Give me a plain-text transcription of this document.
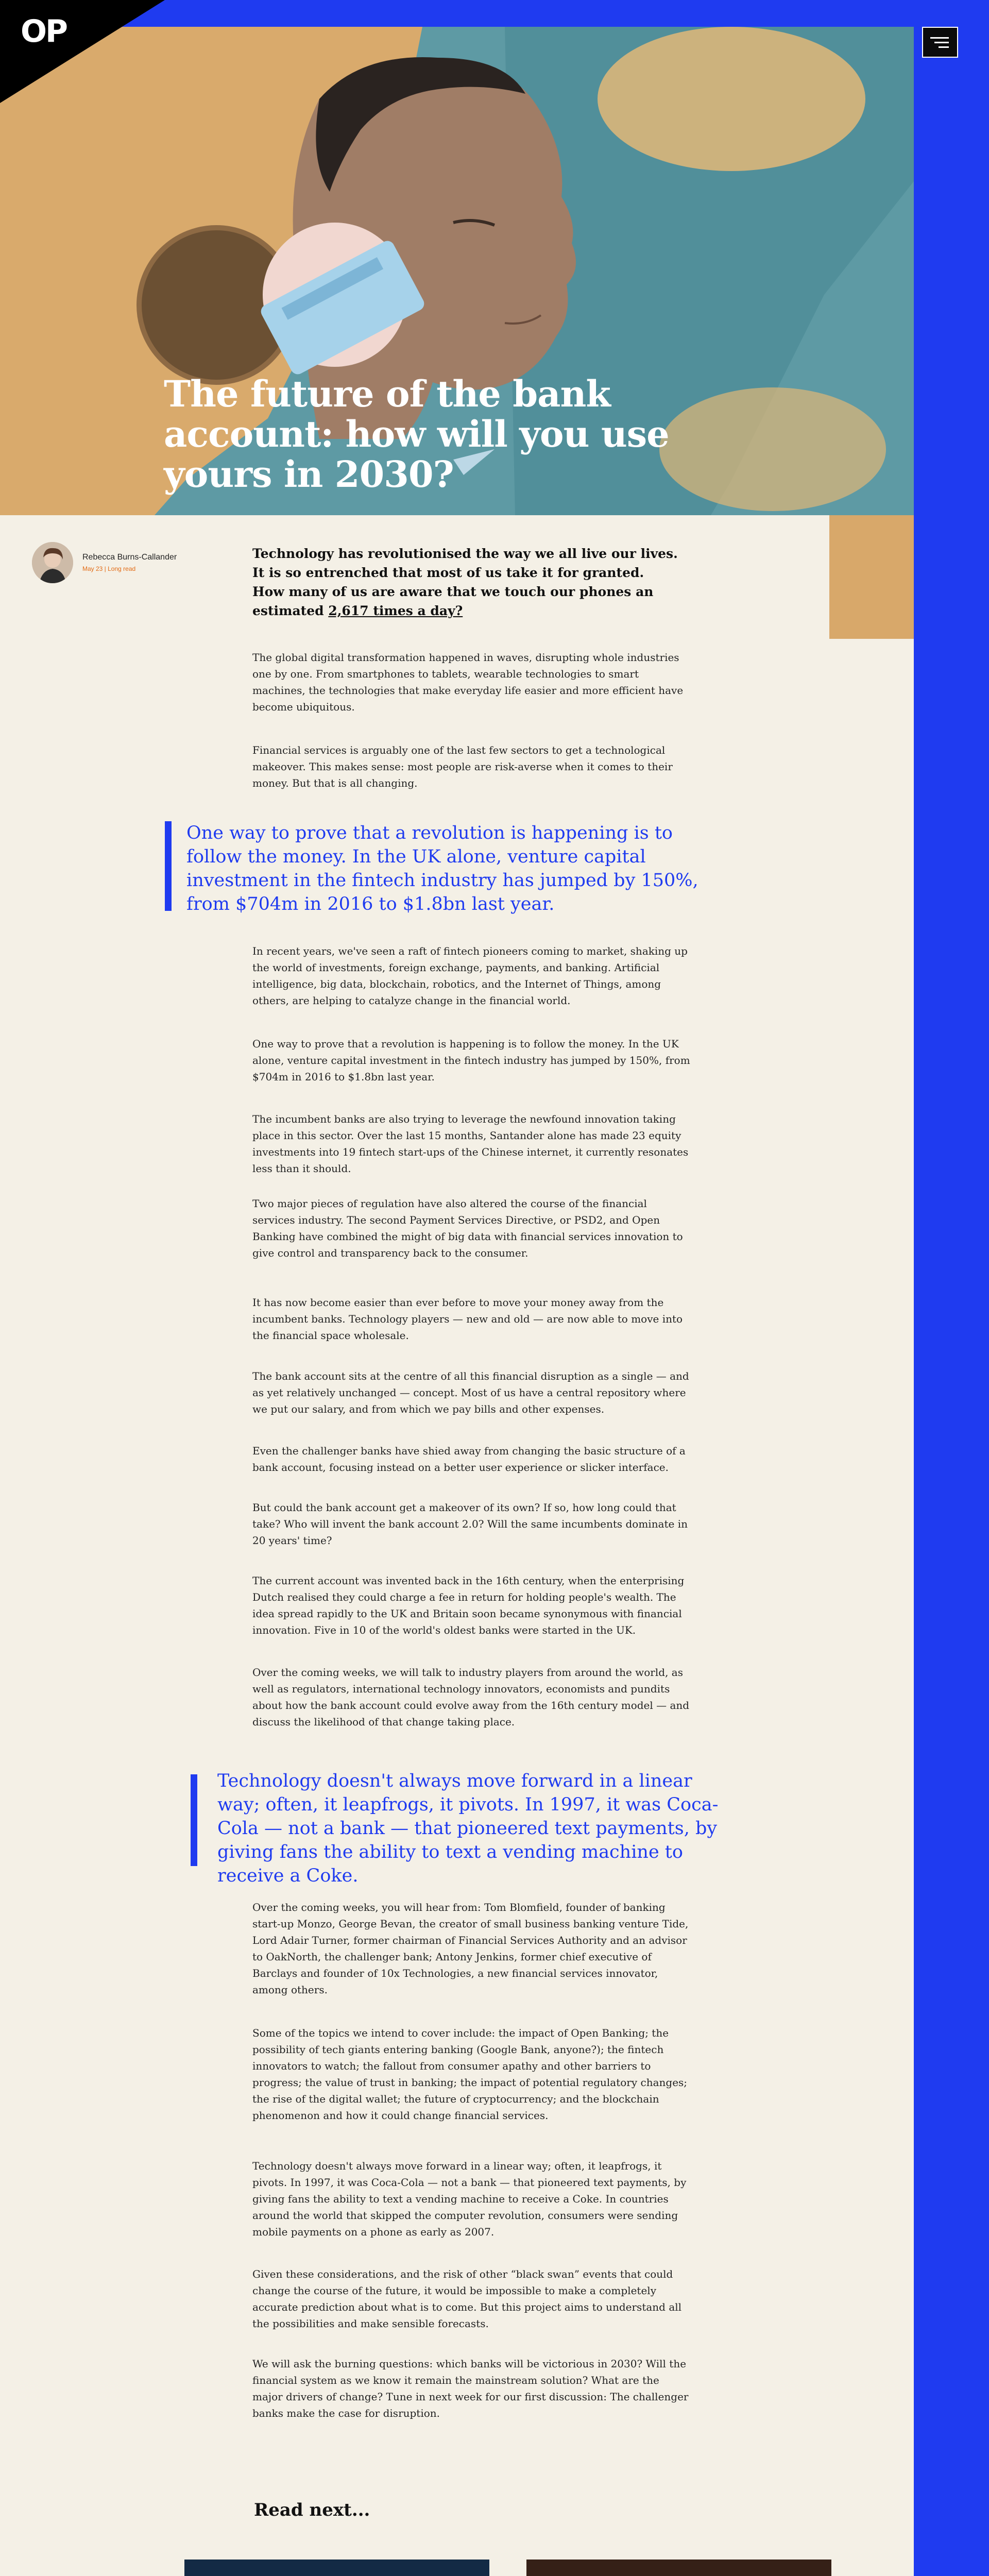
The future of the bank account: how will you use yours in 2030?
OP
Rebecca Burns-Callander
May 23 | Long read
Technology has revolutionised the way we all live our lives. It is so entrenched that most of us take it for granted. How many of us are aware that we touch our phones an estimated 2,617 times a day?
The global digital transformation happened in waves, disrupting whole industries one by one. From smartphones to tablets, wearable technologies to smart machines, the technologies that make everyday life easier and more efficient have become ubiquitous.
Financial services is arguably one of the last few sectors to get a technological makeover. This makes sense: most people are risk-averse when it comes to their money. But that is all changing.
One way to prove that a revolution is happening is to follow the money. In the UK alone, venture capital investment in the fintech industry has jumped by 150%, from $704m in 2016 to $1.8bn last year.
In recent years, we've seen a raft of fintech pioneers coming to market, shaking up the world of investments, foreign exchange, payments, and banking. Artificial intelligence, big data, blockchain, robotics, and the Internet of Things, among others, are helping to catalyze change in the financial world.
One way to prove that a revolution is happening is to follow the money. In the UK alone, venture capital investment in the fintech industry has jumped by 150%, from $704m in 2016 to $1.8bn last year.
The incumbent banks are also trying to leverage the newfound innovation taking place in this sector. Over the last 15 months, Santander alone has made 23 equity investments into 19 fintech start-ups of the Chinese internet, it currently resonates less than it should.
Two major pieces of regulation have also altered the course of the financial services industry. The second Payment Services Directive, or PSD2, and Open Banking have combined the might of big data with financial services innovation to give control and transparency back to the consumer.
It has now become easier than ever before to move your money away from the incumbent banks. Technology players — new and old — are now able to move into the financial space wholesale.
The bank account sits at the centre of all this financial disruption as a single — and as yet relatively unchanged — concept. Most of us have a central repository where we put our salary, and from which we pay bills and other expenses.
Even the challenger banks have shied away from changing the basic structure of a bank account, focusing instead on a better user experience or slicker interface.
But could the bank account get a makeover of its own? If so, how long could that take? Who will invent the bank account 2.0? Will the same incumbents dominate in 20 years' time?
The current account was invented back in the 16th century, when the enterprising Dutch realised they could charge a fee in return for holding people's wealth. The idea spread rapidly to the UK and Britain soon became synonymous with financial innovation. Five in 10 of the world's oldest banks were started in the UK.
Over the coming weeks, we will talk to industry players from around the world, as well as regulators, international technology innovators, economists and pundits about how the bank account could evolve away from the 16th century model — and discuss the likelihood of that change taking place.
Technology doesn't always move forward in a linear way; often, it leapfrogs, it pivots. In 1997, it was Coca-Cola — not a bank — that pioneered text payments, by giving fans the ability to text a vending machine to receive a Coke.
Over the coming weeks, you will hear from: Tom Blomfield, founder of banking start-up Monzo, George Bevan, the creator of small business banking venture Tide, Lord Adair Turner, former chairman of Financial Services Authority and an advisor to OakNorth, the challenger bank; Antony Jenkins, former chief executive of Barclays and founder of 10x Technologies, a new financial services innovator, among others.
Some of the topics we intend to cover include: the impact of Open Banking; the possibility of tech giants entering banking (Google Bank, anyone?); the fintech innovators to watch; the fallout from consumer apathy and other barriers to progress; the value of trust in banking; the impact of potential regulatory changes; the rise of the digital wallet; the future of cryptocurrency; and the blockchain phenomenon and how it could change financial services.
Technology doesn't always move forward in a linear way; often, it leapfrogs, it pivots. In 1997, it was Coca-Cola — not a bank — that pioneered text payments, by giving fans the ability to text a vending machine to receive a Coke. In countries around the world that skipped the computer revolution, consumers were sending mobile payments on a phone as early as 2007.
Given these considerations, and the risk of other “black swan” events that could change the course of the future, it would be impossible to make a completely accurate prediction about what is to come. But this project aims to understand all the possibilities and make sensible forecasts.
We will ask the burning questions: which banks will be victorious in 2030? Will the financial system as we know it remain the mainstream solution? What are the major drivers of change? Tune in next week for our first discussion: The challenger banks make the case for disruption.
Read next...
